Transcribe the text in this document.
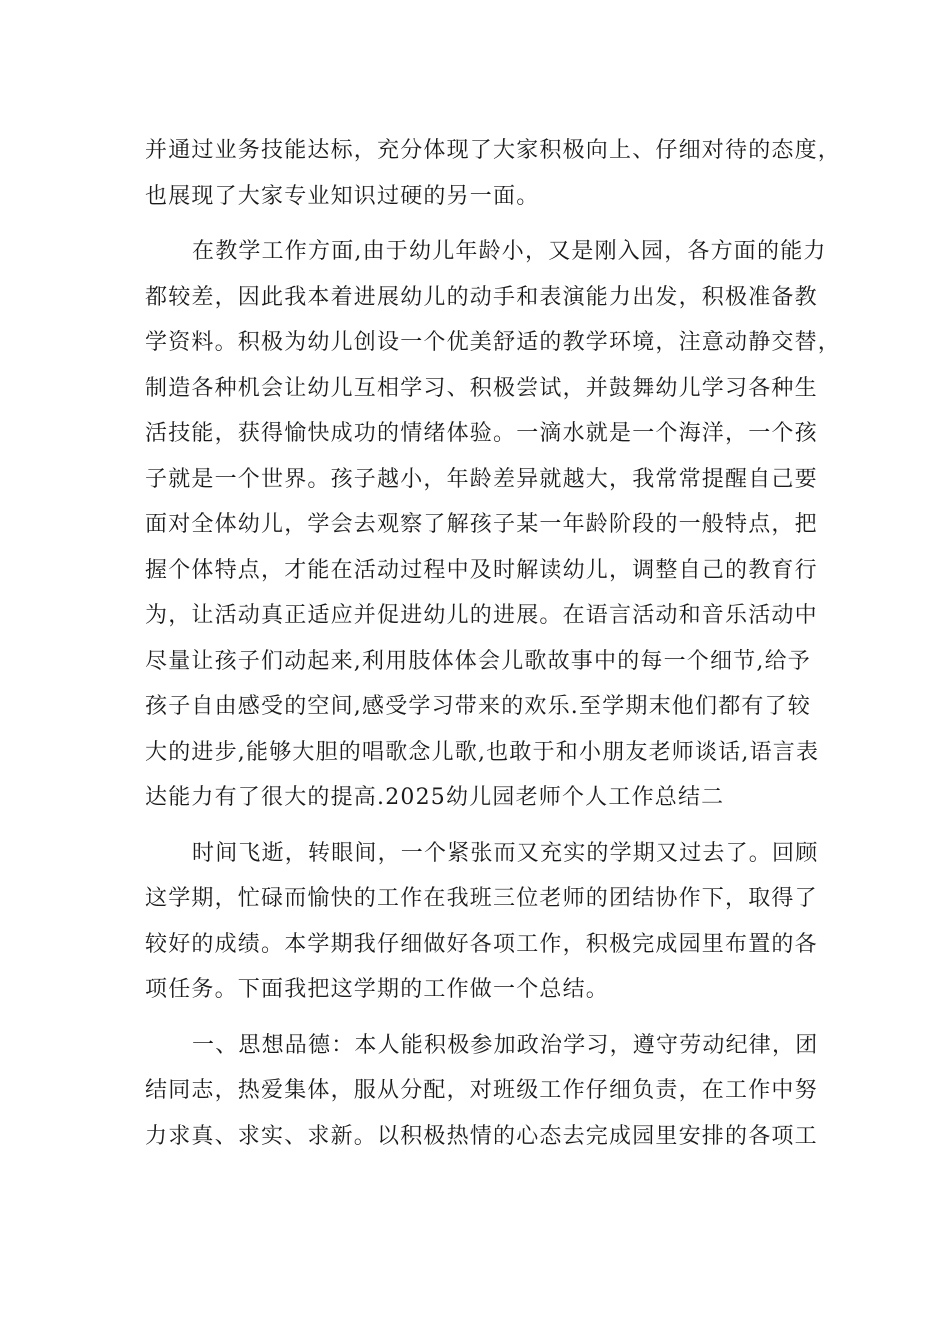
并通过业务技能达标，充分体现了大家积极向上、仔细对待的态度，
也展现了大家专业知识过硬的另一面。
在教学工作方面,由于幼儿年龄小，又是刚入园，各方面的能力
都较差，因此我本着进展幼儿的动手和表演能力出发，积极准备教
学资料。积极为幼儿创设一个优美舒适的教学环境，注意动静交替，
制造各种机会让幼儿互相学习、积极尝试，并鼓舞幼儿学习各种生
活技能，获得愉快成功的情绪体验。一滴水就是一个海洋，一个孩
子就是一个世界。孩子越小，年龄差异就越大，我常常提醒自己要
面对全体幼儿，学会去观察了解孩子某一年龄阶段的一般特点，把
握个体特点，才能在活动过程中及时解读幼儿，调整自己的教育行
为，让活动真正适应并促进幼儿的进展。在语言活动和音乐活动中
尽量让孩子们动起来,利用肢体体会儿歌故事中的每一个细节,给予
孩子自由感受的空间,感受学习带来的欢乐.至学期末他们都有了较
大的进步,能够大胆的唱歌念儿歌,也敢于和小朋友老师谈话,语言表
达能力有了很大的提高.2025幼儿园老师个人工作总结二
时间飞逝，转眼间，一个紧张而又充实的学期又过去了。回顾
这学期，忙碌而愉快的工作在我班三位老师的团结协作下，取得了
较好的成绩。本学期我仔细做好各项工作，积极完成园里布置的各
项任务。下面我把这学期的工作做一个总结。
一、思想品德：本人能积极参加政治学习，遵守劳动纪律，团
结同志，热爱集体，服从分配，对班级工作仔细负责，在工作中努
力求真、求实、求新。以积极热情的心态去完成园里安排的各项工
